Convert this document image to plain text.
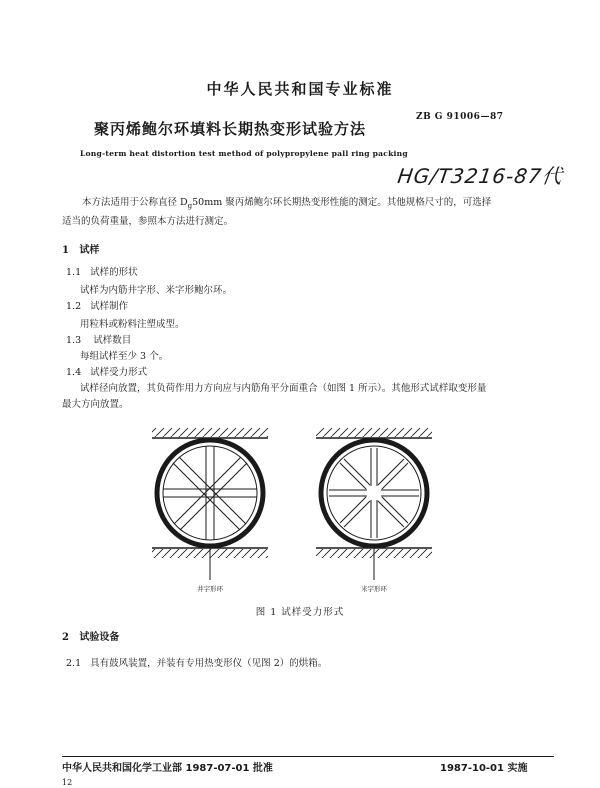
中华人民共和国专业标准
聚丙烯鲍尔环填料长期热变形试验方法
ZB G 91006—87
Long-term heat distortion test method of polypropylene pall ring packing
HG/T3216-87代
本方法适用于公称直径 $D_g50mm$ 聚丙烯鲍尔环长期热变形性能的测定。其他规格尺寸的，可选择
适当的负荷重量，参照本方法进行测定。
1 试样
1.1 试样的形状
试样为内筋井字形、米字形鲍尔环。
1.2 试样制作
用粒料或粉料注塑成型。
1.3 试样数目
每组试样至少 3 个。
1.4 试样受力形式
试样径向放置，其负荷作用力方向应与内筋角平分面重合（如图 1 所示）。其他形式试样取变形量
最大方向放置。
井字形环	米字形环
图 1 试样受力形式
2 试验设备
2.1 具有鼓风装置，并装有专用热变形仪（见图 2）的烘箱。
中华人民共和国化学工业部 1987-07-01 批准	1987-10-01 实施
12
